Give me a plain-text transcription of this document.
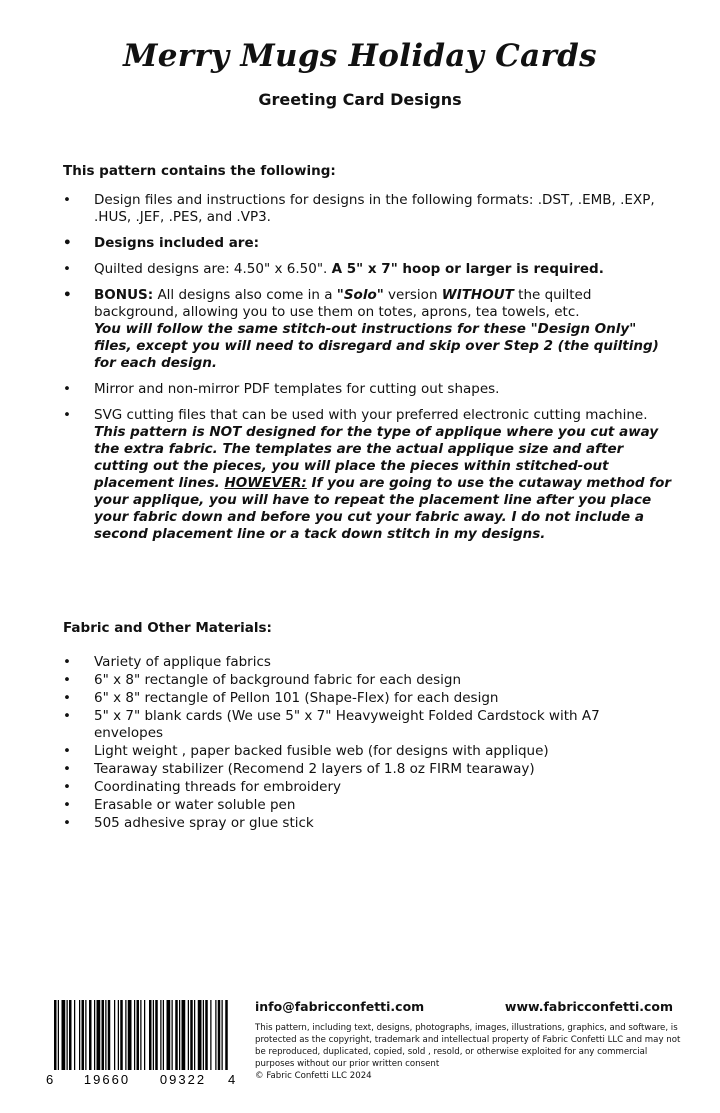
Merry Mugs Holiday Cards
Greeting Card Designs
This pattern contains the following:
• Design files and instructions for designs in the following formats: .DST, .EMB, .EXP, .HUS, .JEF, .PES, and .VP3.
• Designs included are:
• Quilted designs are: 4.50" x 6.50". A 5" x 7" hoop or larger is required.
• BONUS: All designs also come in a "Solo" version WITHOUT the quilted background, allowing you to use them on totes, aprons, tea towels, etc.
You will follow the same stitch-out instructions for these "Design Only" files, except you will need to disregard and skip over Step 2 (the quilting) for each design.
• Mirror and non-mirror PDF templates for cutting out shapes.
• SVG cutting files that can be used with your preferred electronic cutting machine.
This pattern is NOT designed for the type of applique where you cut away the extra fabric. The templates are the actual applique size and after cutting out the pieces, you will place the pieces within stitched-out placement lines. HOWEVER: If you are going to use the cutaway method for your applique, you will have to repeat the placement line after you place your fabric down and before you cut your fabric away. I do not include a second placement line or a tack down stitch in my designs.
Fabric and Other Materials:
• Variety of applique fabrics
• 6" x 8" rectangle of background fabric for each design
• 6" x 8" rectangle of Pellon 101 (Shape-Flex) for each design
• 5" x 7" blank cards (We use 5" x 7" Heavyweight Folded Cardstock with A7 envelopes
• Light weight , paper backed fusible web (for designs with applique)
• Tearaway stabilizer (Recomend 2 layers of 1.8 oz FIRM tearaway)
• Coordinating threads for embroidery
• Erasable or water soluble pen
• 505 adhesive spray or glue stick
6 19660 09322 4
info@fabricconfetti.com	www.fabricconfetti.com
This pattern, including text, designs, photographs, images, illustrations, graphics, and software, is protected as the copyright, trademark and intellectual property of Fabric Confetti LLC and may not be reproduced, duplicated, copied, sold , resold, or otherwise exploited for any commercial purposes without our prior written consent
© Fabric Confetti LLC 2024
